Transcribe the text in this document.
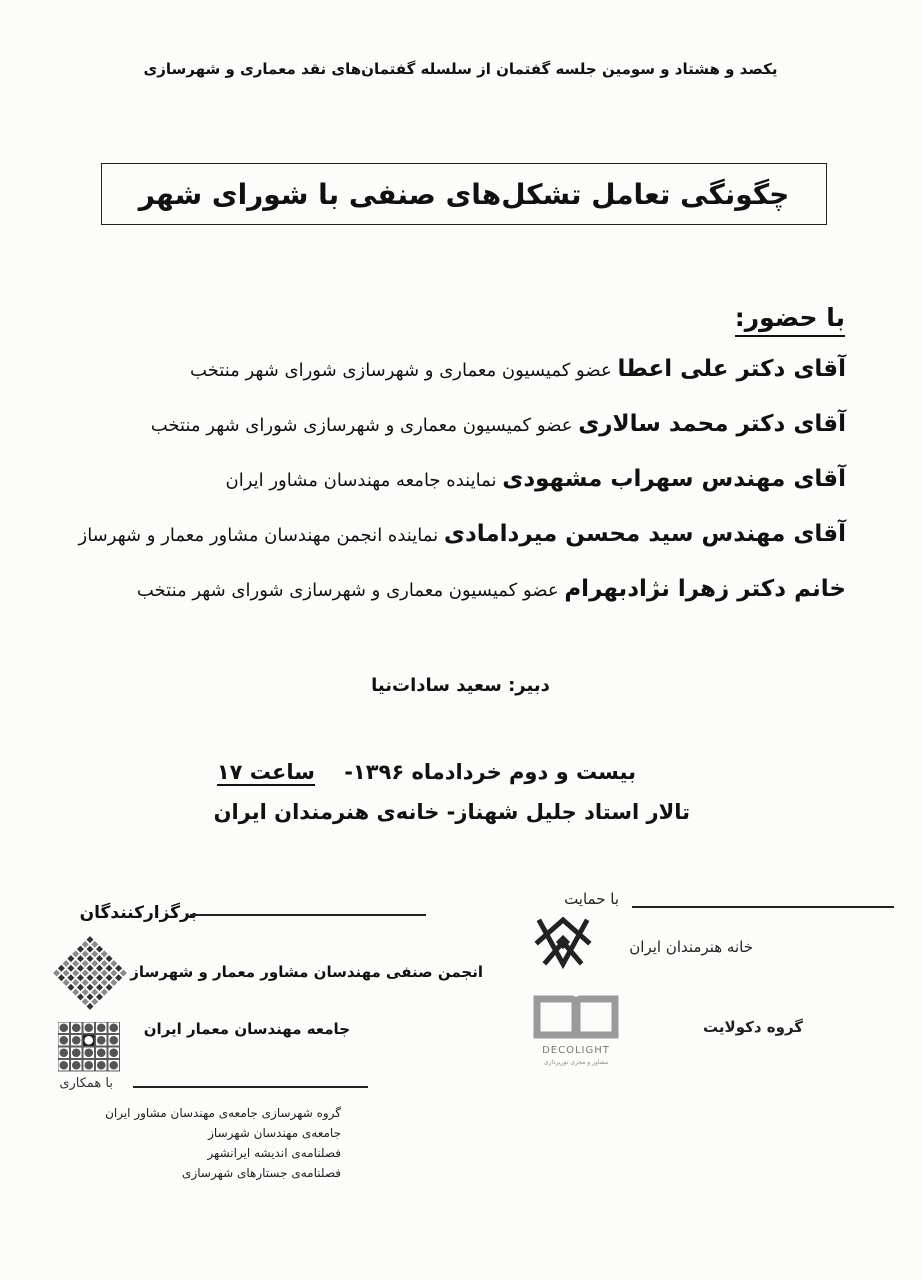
یکصد و هشتاد و سومین جلسه گفتمان از سلسله گفتمان‌های نقد معماری و شهرسازی
چگونگی تعامل تشکل‌های صنفی با شورای شهر
با حضور:
آقای دکتر علی اعطا عضو کمیسیون معماری و شهرسازی شورای شهر منتخب
آقای دکتر محمد سالاری عضو کمیسیون معماری و شهرسازی شورای شهر منتخب
آقای مهندس سهراب مشهودی نماینده جامعه مهندسان مشاور ایران
آقای مهندس سید محسن میردامادی نماینده انجمن مهندسان مشاور معمار و شهرساز
خانم دکتر زهرا نژادبهرام عضو کمیسیون معماری و شهرسازی شورای شهر منتخب
دبیر: سعید سادات‌نیا
بیست و دوم خردادماه ۱۳۹۶-    ساعت ۱۷
تالار استاد جلیل شهناز- خانه‌ی هنرمندان ایران
برگزارکنندگان
انجمن صنفی مهندسان مشاور معمار و شهرساز
جامعه مهندسان معمار ایران
با همکاری
گروه شهرسازی جامعه‌ی مهندسان مشاور ایران
جامعه‌ی مهندسان شهرساز
فصلنامه‌ی اندیشه ایرانشهر
فصلنامه‌ی جستارهای شهرسازی
با حمایت
خانه هنرمندان ایران
DECOLIGHT
مشاور و مجری نورپردازی
گروه دکولایت
